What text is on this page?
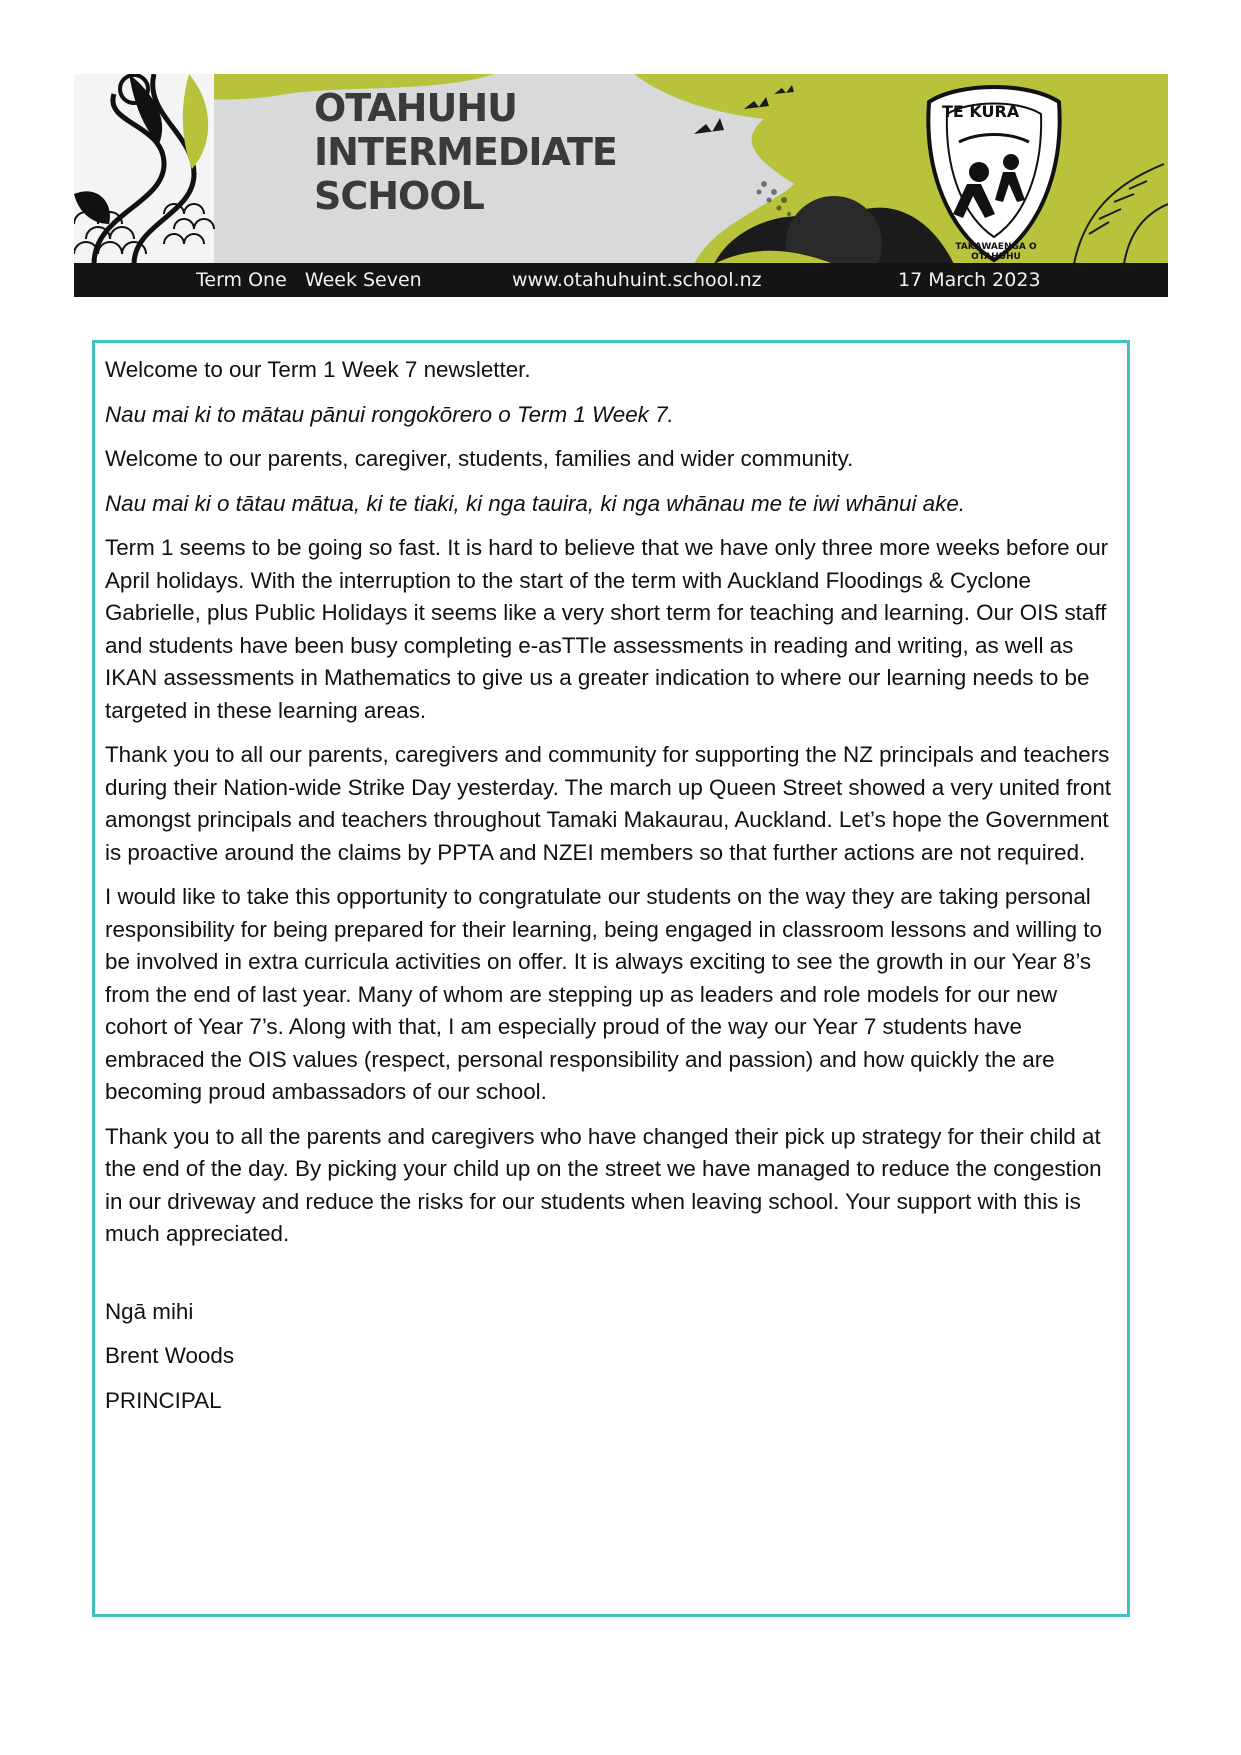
OTAHUHU
INTERMEDIATE
SCHOOL
TE KURA
TAKAWAENGA O OTAHUHU
Term One   Week Seven	www.otahuhuint.school.nz	17 March 2023

Welcome to our Term 1 Week 7 newsletter.

Nau mai ki to mātau pānui rongokōrero o Term 1 Week 7.

Welcome to our parents, caregiver, students, families and wider community.

Nau mai ki o tātau mātua, ki te tiaki, ki nga tauira, ki nga whānau me te iwi whānui ake.

Term 1 seems to be going so fast. It is hard to believe that we have only three more weeks before our April holidays. With the interruption to the start of the term with Auckland Floodings & Cyclone Gabrielle, plus Public Holidays it seems like a very short term for teaching and learning. Our OIS staff and students have been busy completing e-asTTle assessments in reading and writing, as well as IKAN assessments in Mathematics to give us a greater indication to where our learning needs to be targeted in these learning areas.

Thank you to all our parents, caregivers and community for supporting the NZ principals and teachers during their Nation-wide Strike Day yesterday. The march up Queen Street showed a very united front amongst principals and teachers throughout Tamaki Makaurau, Auckland. Let’s hope the Government is proactive around the claims by PPTA and NZEI members so that further actions are not required.

I would like to take this opportunity to congratulate our students on the way they are taking personal responsibility for being prepared for their learning, being engaged in classroom lessons and willing to be involved in extra curricula activities on offer. It is always exciting to see the growth in our Year 8’s from the end of last year. Many of whom are stepping up as leaders and role models for our new cohort of Year 7’s. Along with that, I am especially proud of the way our Year 7 students have embraced the OIS values (respect, personal responsibility and passion) and how quickly the are becoming proud ambassadors of our school.

Thank you to all the parents and caregivers who have changed their pick up strategy for their child at the end of the day. By picking your child up on the street we have managed to reduce the congestion in our driveway and reduce the risks for our students when leaving school. Your support with this is much appreciated.

Ngā mihi

Brent Woods

PRINCIPAL
